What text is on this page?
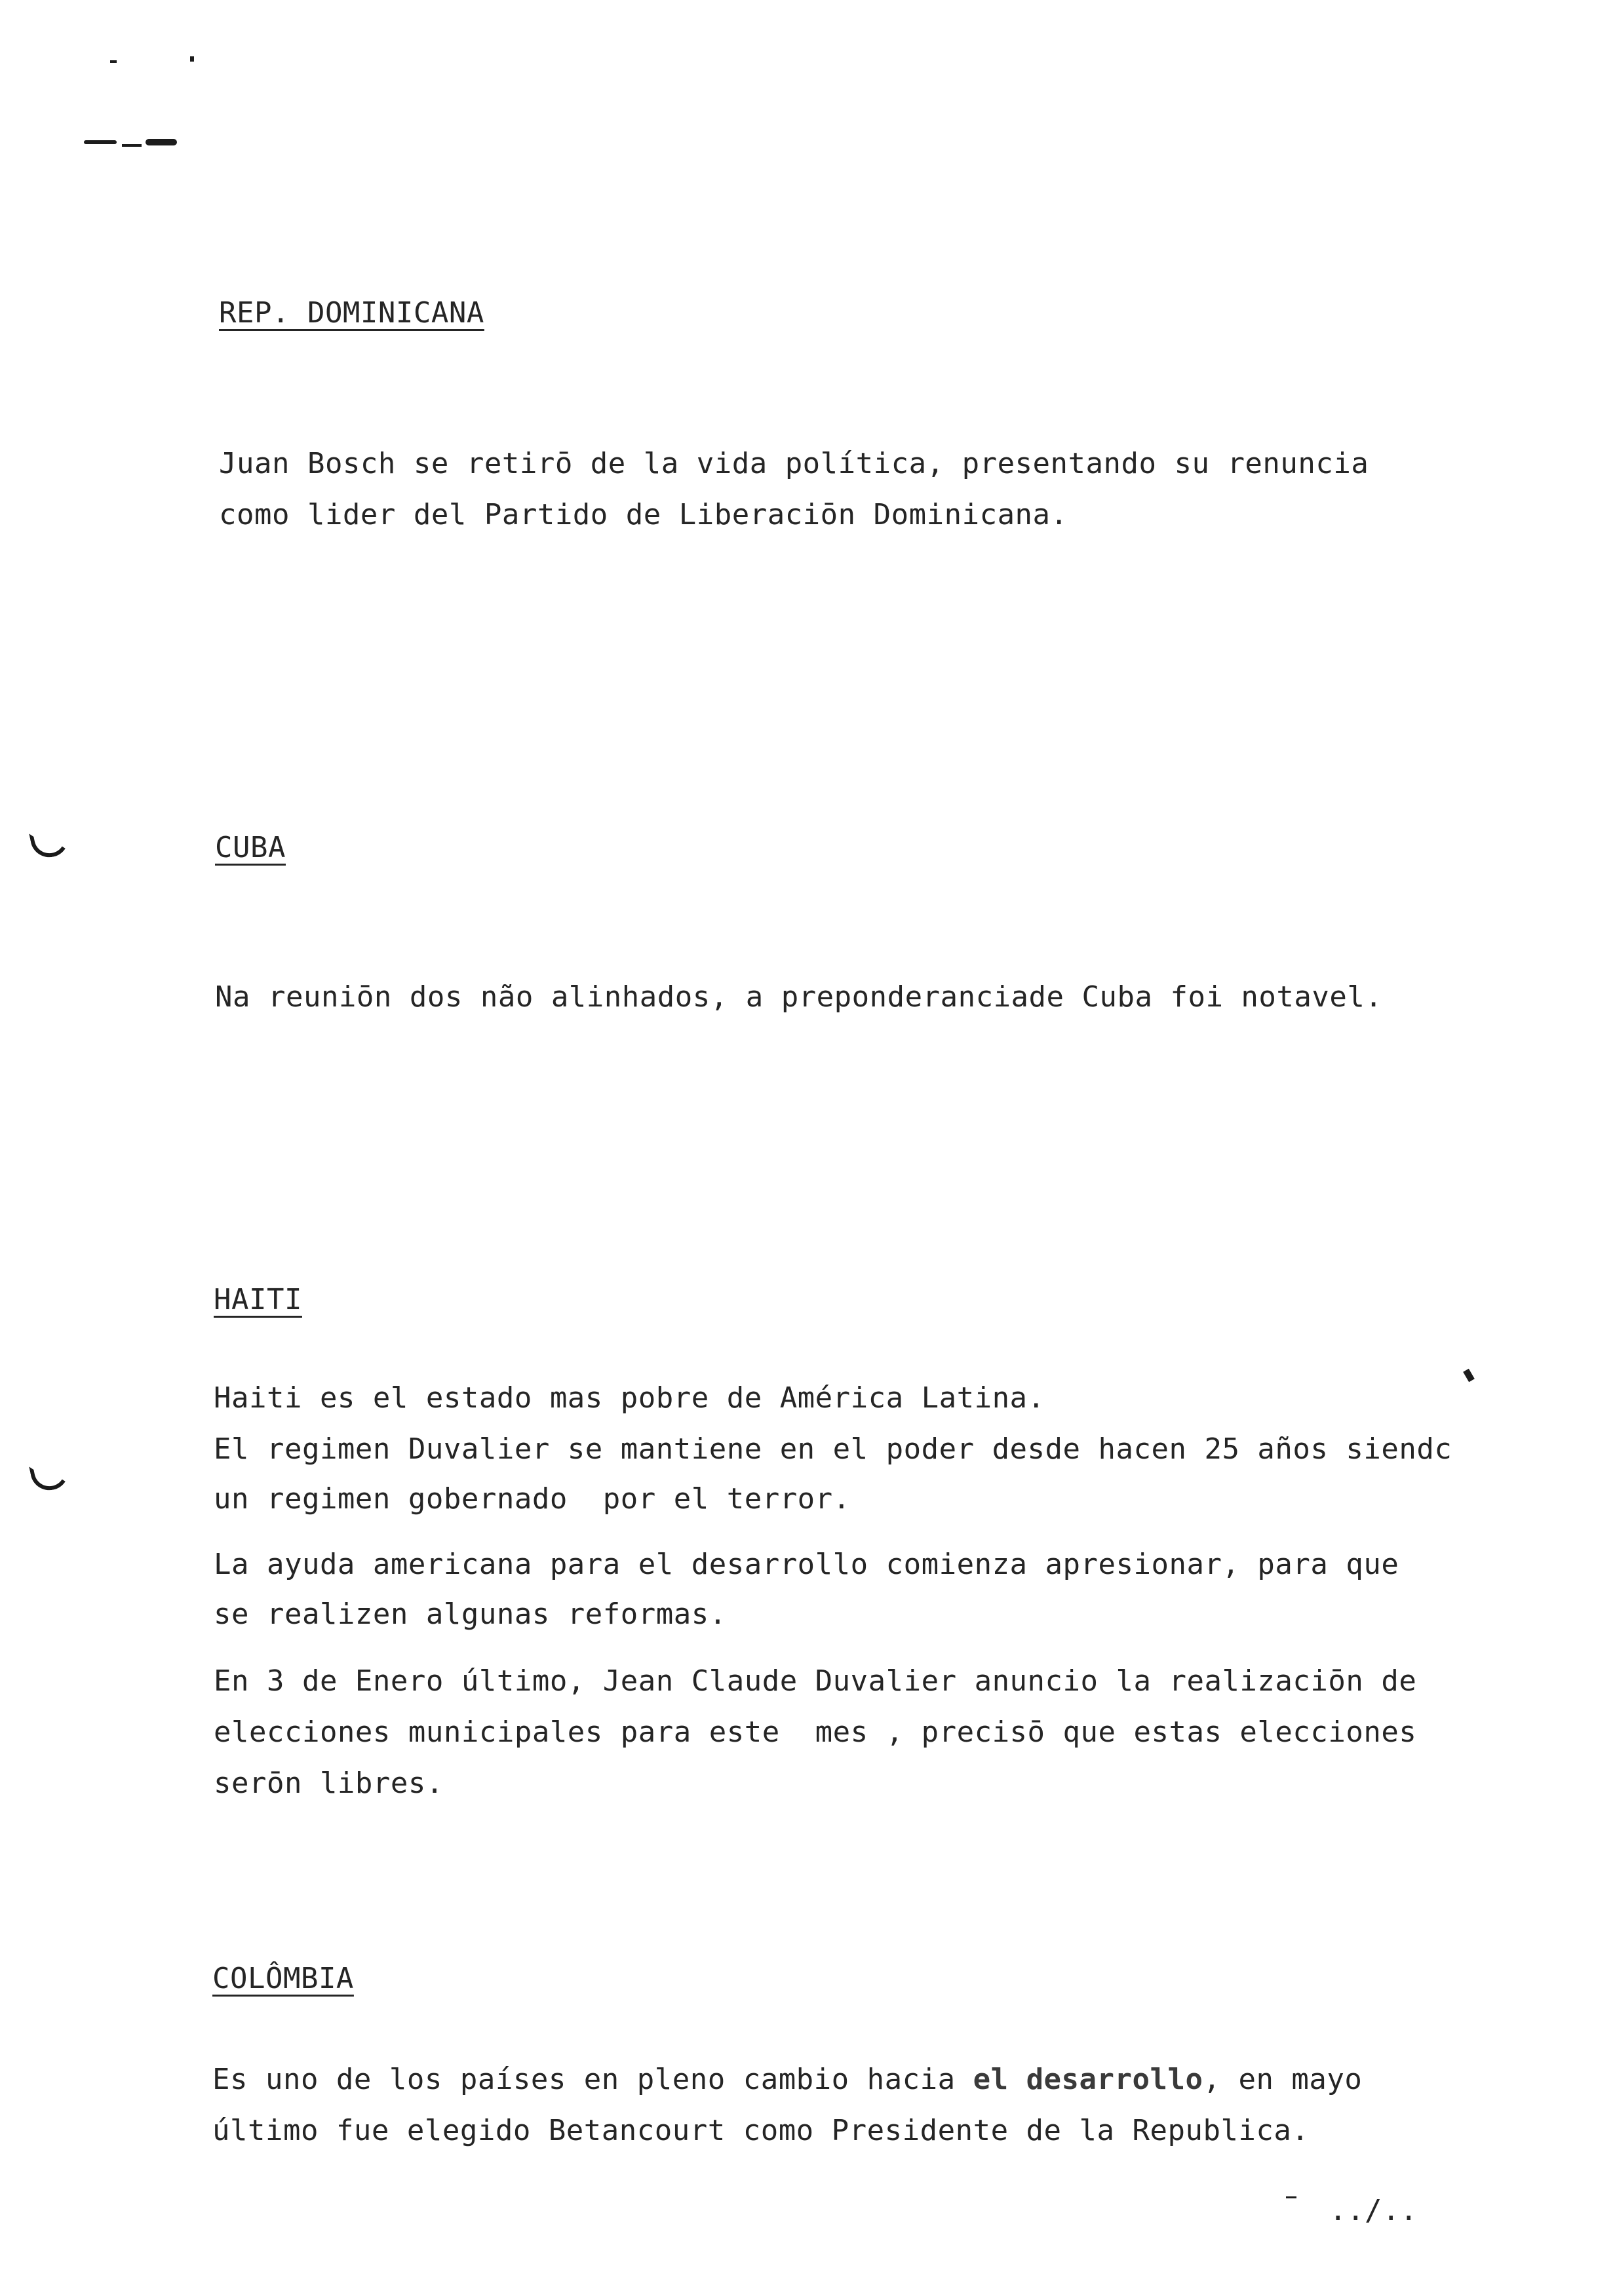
REP. DOMINICANA
Juan Bosch se retirō de la vida política, presentando su renuncia
como lider del Partido de Liberaciōn Dominicana.
CUBA
Na reuniōn dos não alinhados, a preponderanciade Cuba foi notavel.
HAITI
Haiti es el estado mas pobre de América Latina.
El regimen Duvalier se mantiene en el poder desde hacen 25 años siendc
un regimen gobernado  por el terror.
La ayuda americana para el desarrollo comienza apresionar, para que
se realizen algunas reformas.
En 3 de Enero último, Jean Claude Duvalier anuncio la realizaciōn de
elecciones municipales para este  mes , precisō que estas elecciones
serōn libres.
COLÔMBIA
Es uno de los países en pleno cambio hacia el desarrollo, en mayo
último fue elegido Betancourt como Presidente de la Republica.
../..
